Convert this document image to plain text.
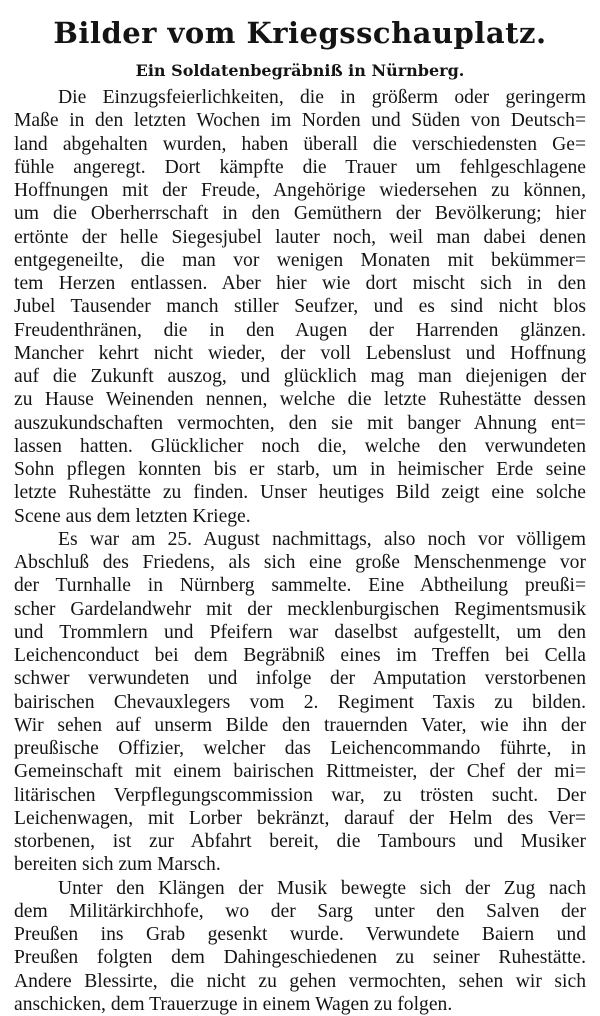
Bilder vom Kriegsschauplatz.
Ein Soldatenbegräbniß in Nürnberg.
Die Einzugsfeierlichkeiten, die in größerm oder geringerm
Maße in den letzten Wochen im Norden und Süden von Deutsch=
land abgehalten wurden, haben überall die verschiedensten Ge=
fühle angeregt. Dort kämpfte die Trauer um fehlgeschlagene
Hoffnungen mit der Freude, Angehörige wiedersehen zu können,
um die Oberherrschaft in den Gemüthern der Bevölkerung; hier
ertönte der helle Siegesjubel lauter noch, weil man dabei denen
entgegeneilte, die man vor wenigen Monaten mit bekümmer=
tem Herzen entlassen. Aber hier wie dort mischt sich in den
Jubel Tausender manch stiller Seufzer, und es sind nicht blos
Freudenthränen, die in den Augen der Harrenden glänzen.
Mancher kehrt nicht wieder, der voll Lebenslust und Hoffnung
auf die Zukunft auszog, und glücklich mag man diejenigen der
zu Hause Weinenden nennen, welche die letzte Ruhestätte dessen
auszukundschaften vermochten, den sie mit banger Ahnung ent=
lassen hatten. Glücklicher noch die, welche den verwundeten
Sohn pflegen konnten bis er starb, um in heimischer Erde seine
letzte Ruhestätte zu finden. Unser heutiges Bild zeigt eine solche
Scene aus dem letzten Kriege.
Es war am 25. August nachmittags, also noch vor völligem
Abschluß des Friedens, als sich eine große Menschenmenge vor
der Turnhalle in Nürnberg sammelte. Eine Abtheilung preußi=
scher Gardelandwehr mit der mecklenburgischen Regimentsmusik
und Trommlern und Pfeifern war daselbst aufgestellt, um den
Leichenconduct bei dem Begräbniß eines im Treffen bei Cella
schwer verwundeten und infolge der Amputation verstorbenen
bairischen Chevauxlegers vom 2. Regiment Taxis zu bilden.
Wir sehen auf unserm Bilde den trauernden Vater, wie ihn der
preußische Offizier, welcher das Leichencommando führte, in
Gemeinschaft mit einem bairischen Rittmeister, der Chef der mi=
litärischen Verpflegungscommission war, zu trösten sucht. Der
Leichenwagen, mit Lorber bekränzt, darauf der Helm des Ver=
storbenen, ist zur Abfahrt bereit, die Tambours und Musiker
bereiten sich zum Marsch.
Unter den Klängen der Musik bewegte sich der Zug nach
dem Militärkirchhofe, wo der Sarg unter den Salven der
Preußen ins Grab gesenkt wurde. Verwundete Baiern und
Preußen folgten dem Dahingeschiedenen zu seiner Ruhestätte.
Andere Blessirte, die nicht zu gehen vermochten, sehen wir sich
anschicken, dem Trauerzuge in einem Wagen zu folgen.
